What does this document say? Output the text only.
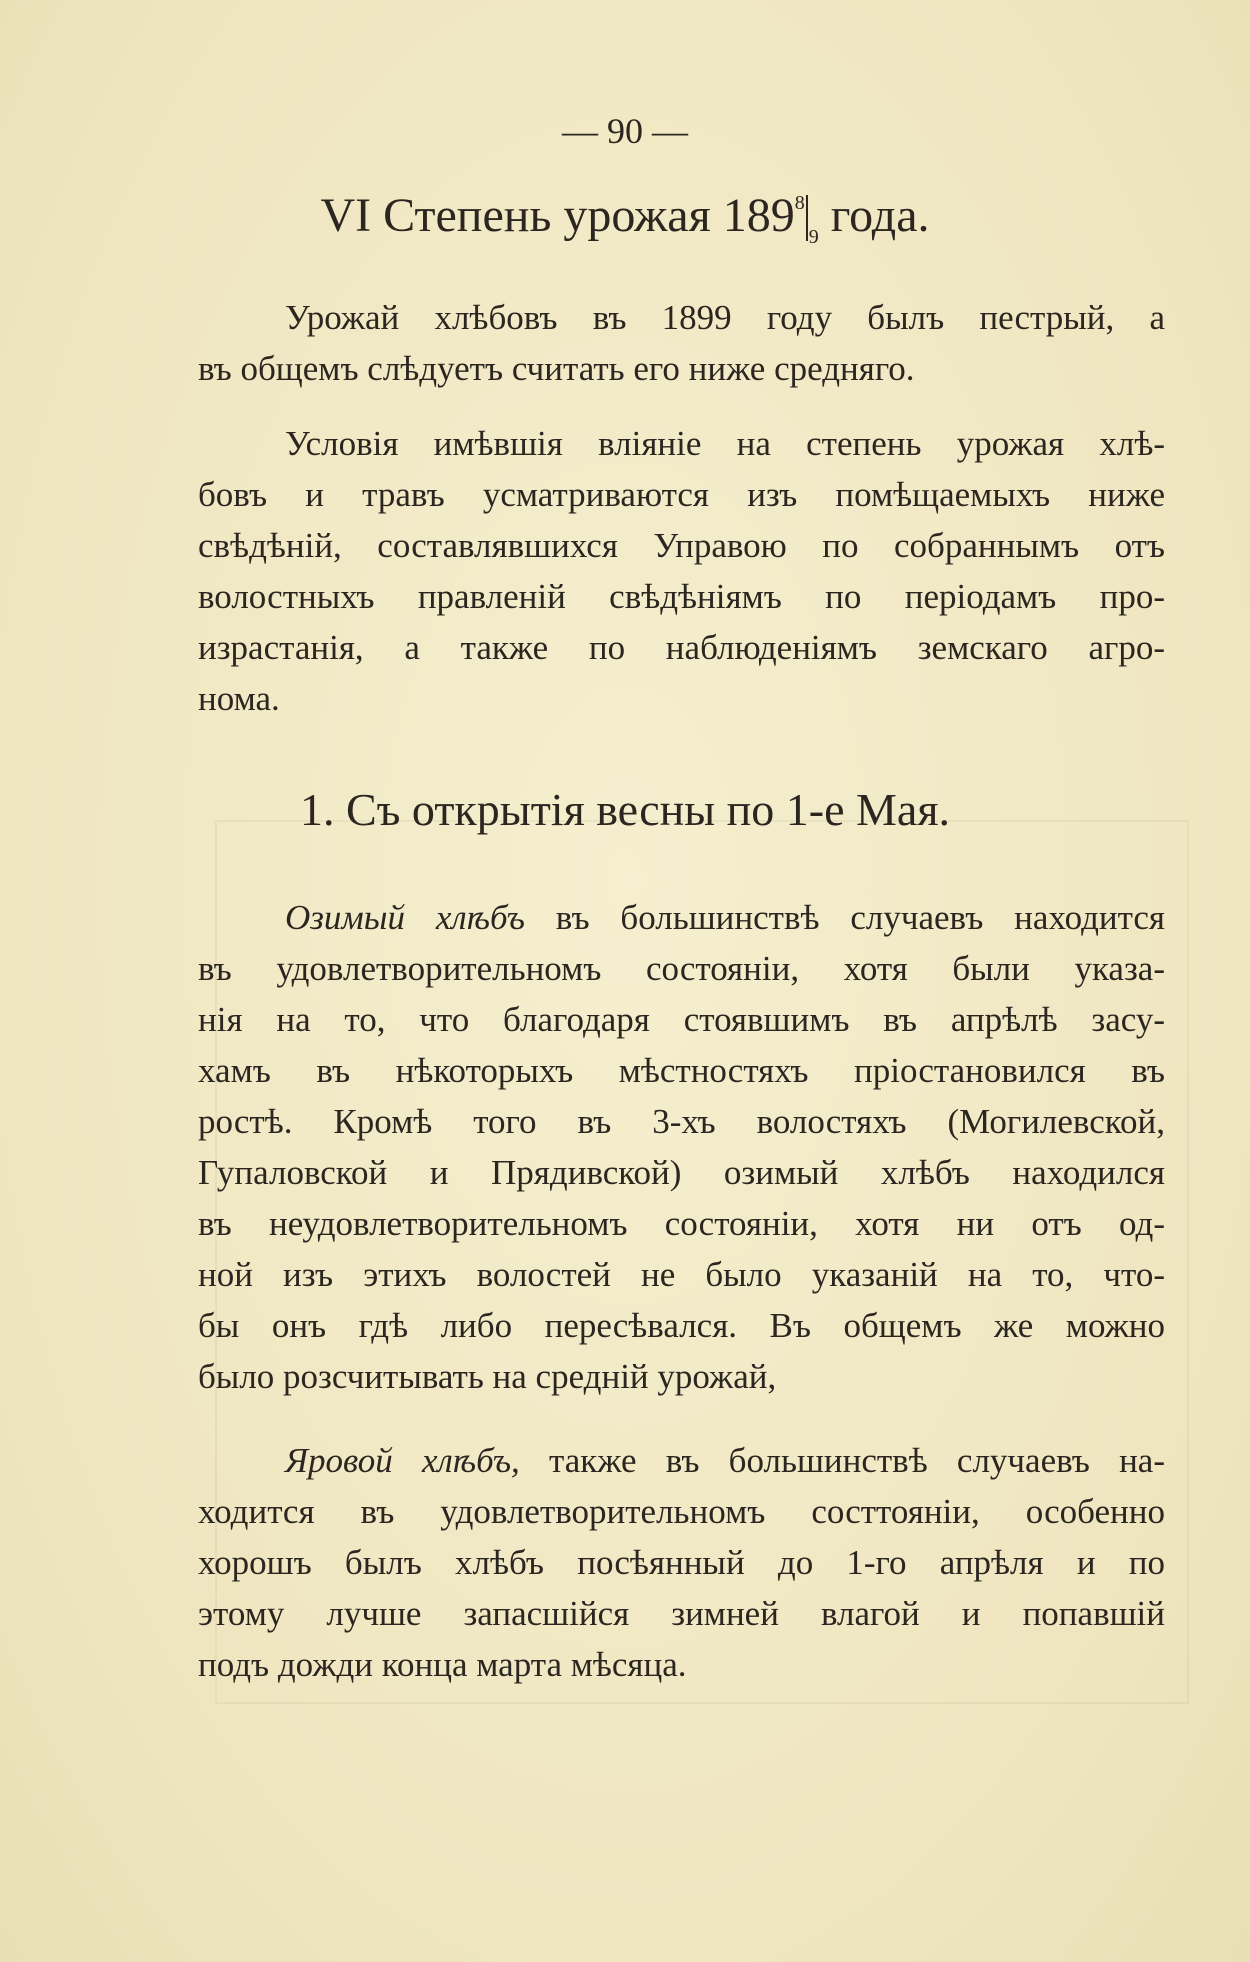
— 90 —
VI Степень урожая $189^8_9$ года.
Урожай хлѣбовъ въ 1899 году былъ пестрый, а
въ общемъ слѣдуетъ считать его ниже средняго.
Условія имѣвшія вліяніе на степень урожая хлѣ-
бовъ и травъ усматриваются изъ помѣщаемыхъ ниже
свѣдѣній, составлявшихся Управою по собраннымъ отъ
волостныхъ правленій свѣдѣніямъ по періодамъ про-
израстанія, а также по наблюденіямъ земскаго агро-
нома.
1. Съ открытія весны по 1-е Мая.
Озимый хлѣбъ въ большинствѣ случаевъ находится
въ удовлетворительномъ состояніи, хотя были указа-
нія на то, что благодаря стоявшимъ въ апрѣлѣ засу-
хамъ въ нѣкоторыхъ мѣстностяхъ пріостановился въ
ростѣ. Кромѣ того въ 3-хъ волостяхъ (Могилевской,
Гупаловской и Прядивской) озимый хлѣбъ находился
въ неудовлетворительномъ состояніи, хотя ни отъ од-
ной изъ этихъ волостей не было указаній на то, что-
бы онъ гдѣ либо пересѣвался. Въ общемъ же можно
было розсчитывать на средній урожай,
Яровой хлѣбъ, также въ большинствѣ случаевъ на-
ходится въ удовлетворительномъ состтояніи, особенно
хорошъ былъ хлѣбъ посѣянный до 1-го апрѣля и по
этому лучше запасшійся зимней влагой и попавшій
подъ дожди конца марта мѣсяца.
